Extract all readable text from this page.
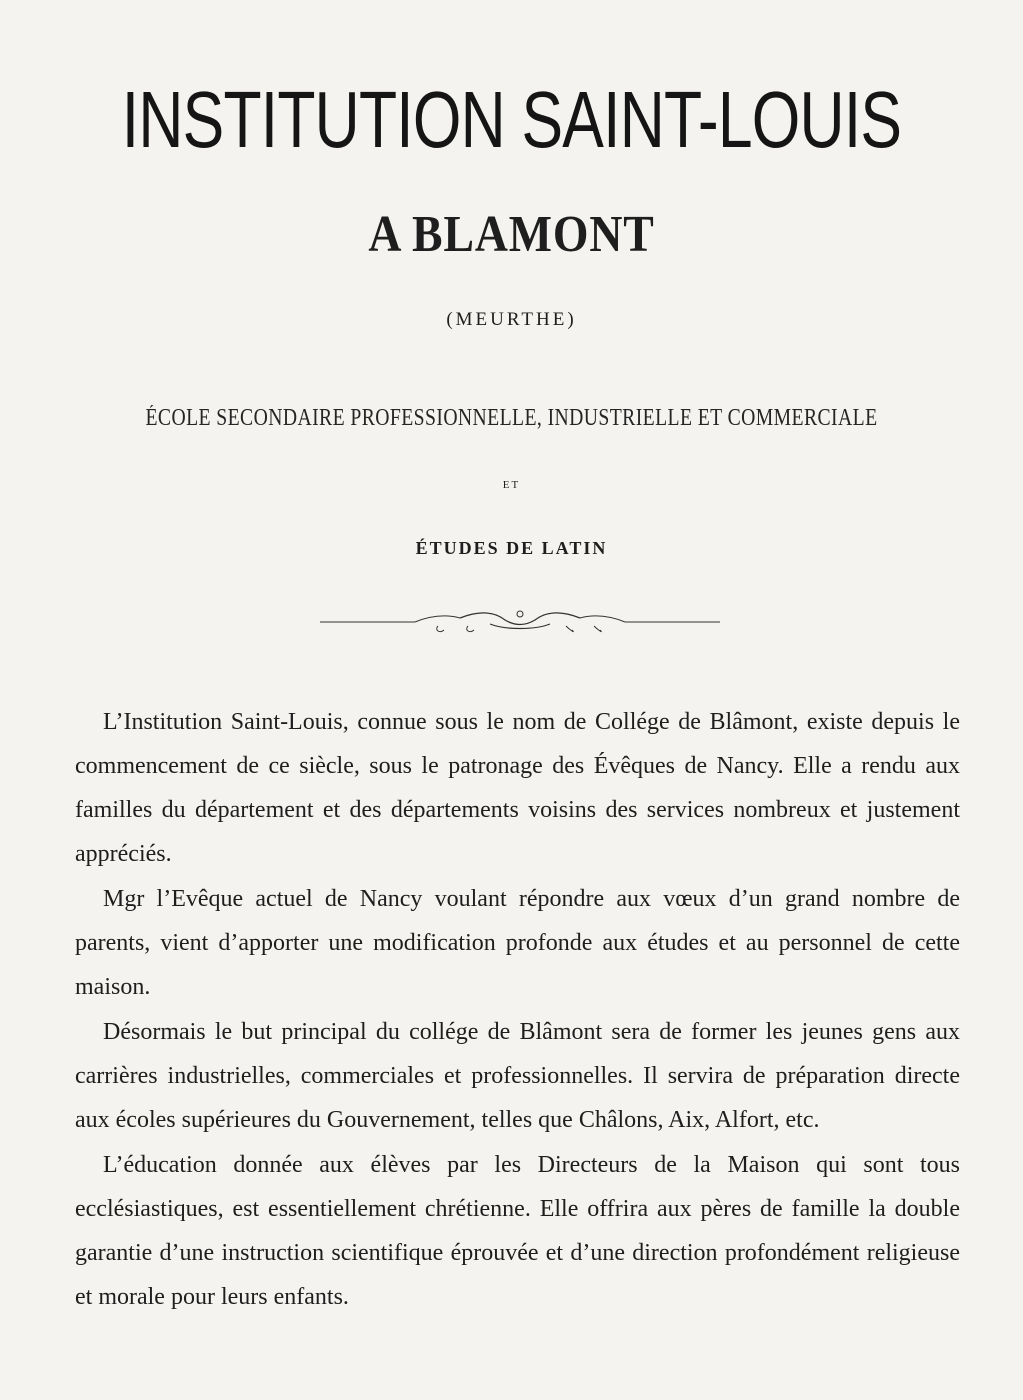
INSTITUTION SAINT-LOUIS
A BLAMONT
(MEURTHE)
ÉCOLE SECONDAIRE PROFESSIONNELLE, INDUSTRIELLE ET COMMERCIALE
ET
ÉTUDES DE LATIN

L’Institution Saint-Louis, connue sous le nom de Collége de Blâmont, existe depuis le commencement de ce siècle, sous le patronage des Évêques de Nancy. Elle a rendu aux familles du département et des départements voisins des services nombreux et justement appréciés.

Mgr l’Evêque actuel de Nancy voulant répondre aux vœux d’un grand nombre de parents, vient d’apporter une modification profonde aux études et au personnel de cette maison.

Désormais le but principal du collége de Blâmont sera de former les jeunes gens aux carrières industrielles, commerciales et professionnelles. Il servira de préparation directe aux écoles supérieures du Gouvernement, telles que Châlons, Aix, Alfort, etc.

L’éducation donnée aux élèves par les Directeurs de la Maison qui sont tous ecclésiastiques, est essentiellement chrétienne. Elle offrira aux pères de famille la double garantie d’une instruction scientifique éprouvée et d’une direction profondément religieuse et morale pour leurs enfants.
